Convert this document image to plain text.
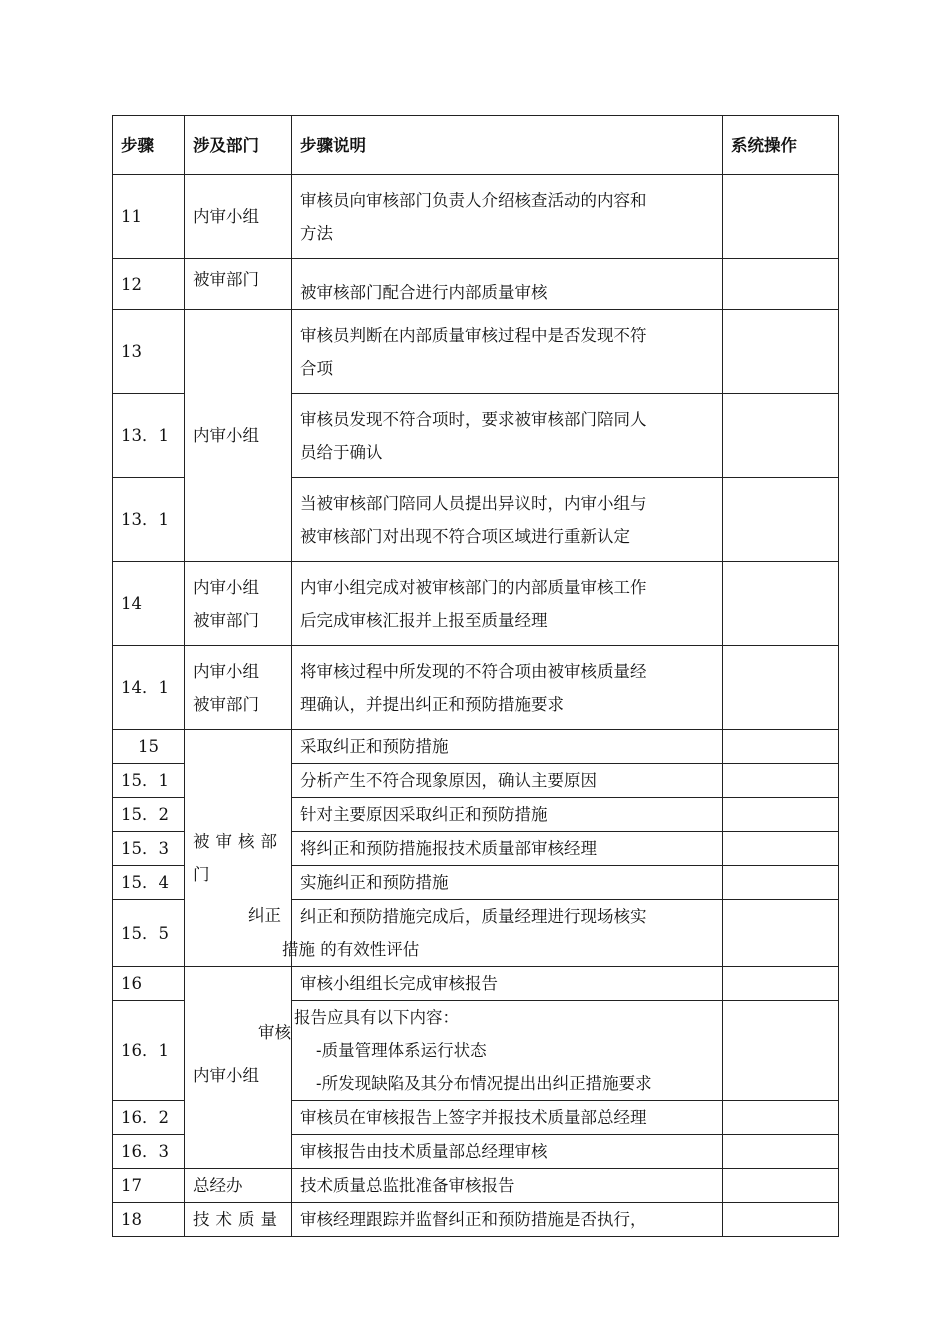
步骤	涉及部门	步骤说明	系统操作
11	内审小组	审核员向审核部门负责人介绍核查活动的内容和
方法	

12	被审部门	被审核部门配合进行内部质量审核	

13	内审小组	审核员判断在内部质量审核过程中是否发现不符
合项	

13．1		审核员发现不符合项时，要求被审核部门陪同人
员给于确认	

13．1		当被审核部门陪同人员提出异议时，内审小组与
被审核部门对出现不符合项区域进行重新认定	

14	内审小组
被审部门	内审小组完成对被审核部门的内部质量审核工作
后完成审核汇报并上报至质量经理	

14．1	内审小组
被审部门	将审核过程中所发现的不符合项由被审核质量经
理确认，并提出纠正和预防措施要求	

15	被审核部
门
纠正	采取纠正和预防措施	

15．1		分析产生不符合现象原因，确认主要原因	

15．2		针对主要原因采取纠正和预防措施	

15．3		将纠正和预防措施报技术质量部审核经理	

15．4		实施纠正和预防措施	

15．5		纠正和预防措施完成后，质量经理进行现场核实
措施 的有效性评估	

16	审核
内审小组	审核小组组长完成审核报告	

16．1		报告应具有以下内容：
-质量管理体系运行状态
-所发现缺陷及其分布情况提出出纠正措施要求	

16．2		审核员在审核报告上签字并报技术质量部总经理	

16．3		审核报告由技术质量部总经理审核	

17	总经办	技术质量总监批准备审核报告	

18	技术质量	审核经理跟踪并监督纠正和预防措施是否执行，	
